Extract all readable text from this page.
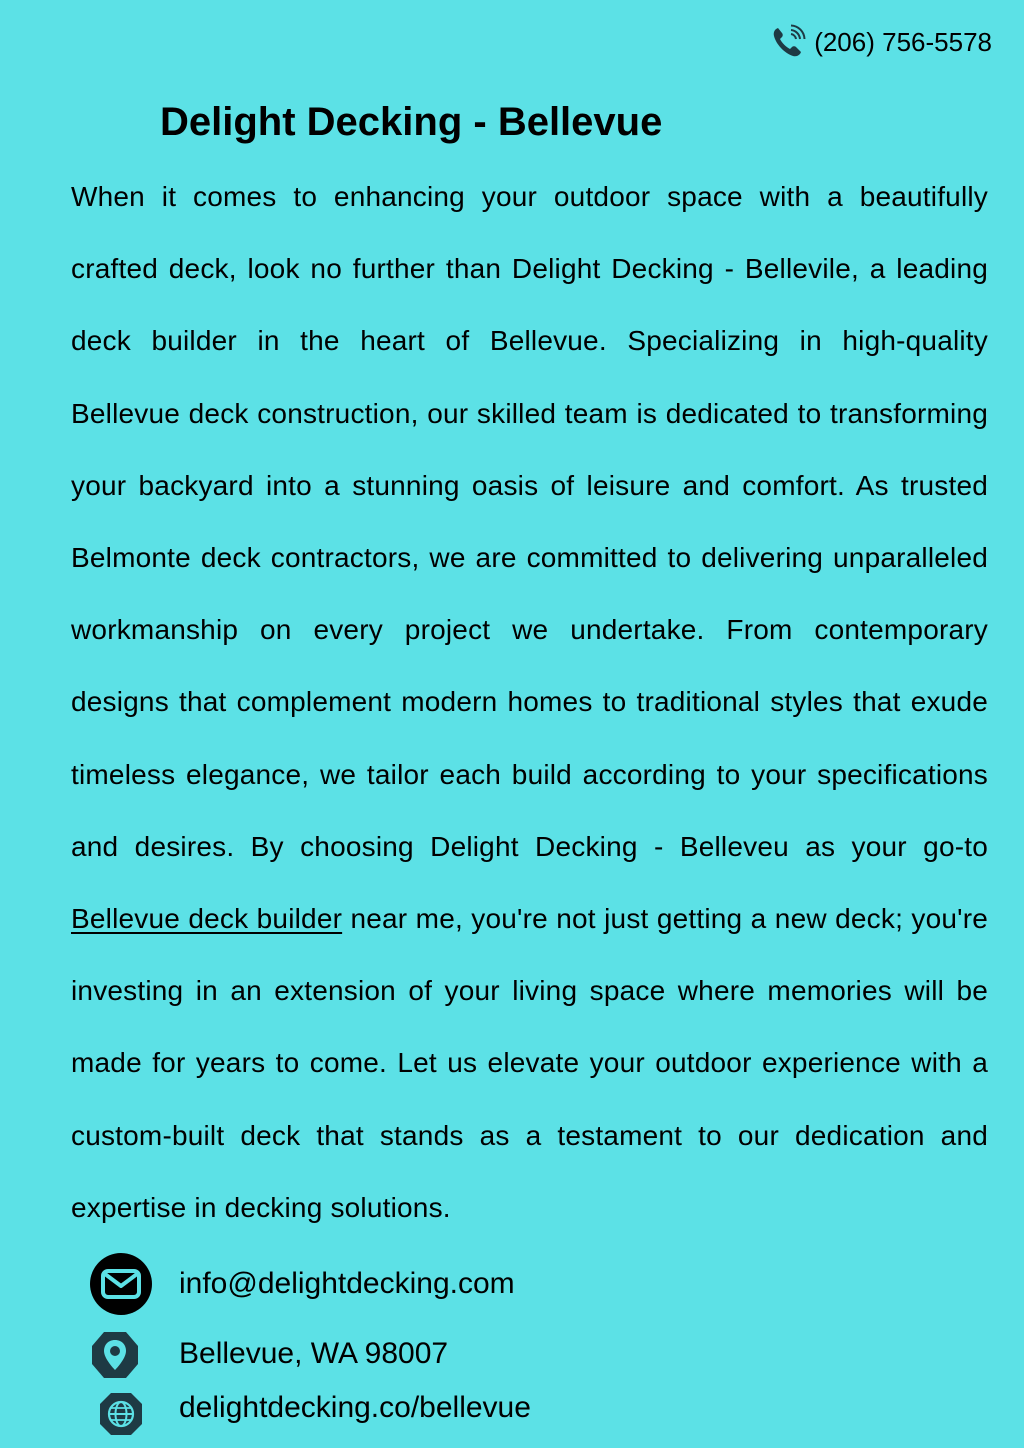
(206) 756-5578
Delight Decking - Bellevue

When it comes to enhancing your outdoor space with a beautifully crafted deck, look no further than Delight Decking - Bellevile, a leading deck builder in the heart of Bellevue. Specializing in high-quality Bellevue deck construction, our skilled team is dedicated to transforming your backyard into a stunning oasis of leisure and comfort. As trusted Belmonte deck contractors, we are committed to delivering unparalleled workmanship on every project we undertake. From contemporary designs that complement modern homes to traditional styles that exude timeless elegance, we tailor each build according to your specifications and desires. By choosing Delight Decking - Belleveu as your go-to Bellevue deck builder near me, you're not just getting a new deck; you're investing in an extension of your living space where memories will be made for years to come. Let us elevate your outdoor experience with a custom-built deck that stands as a testament to our dedication and expertise in decking solutions.

info@delightdecking.com
Bellevue, WA 98007
delightdecking.co/bellevue
